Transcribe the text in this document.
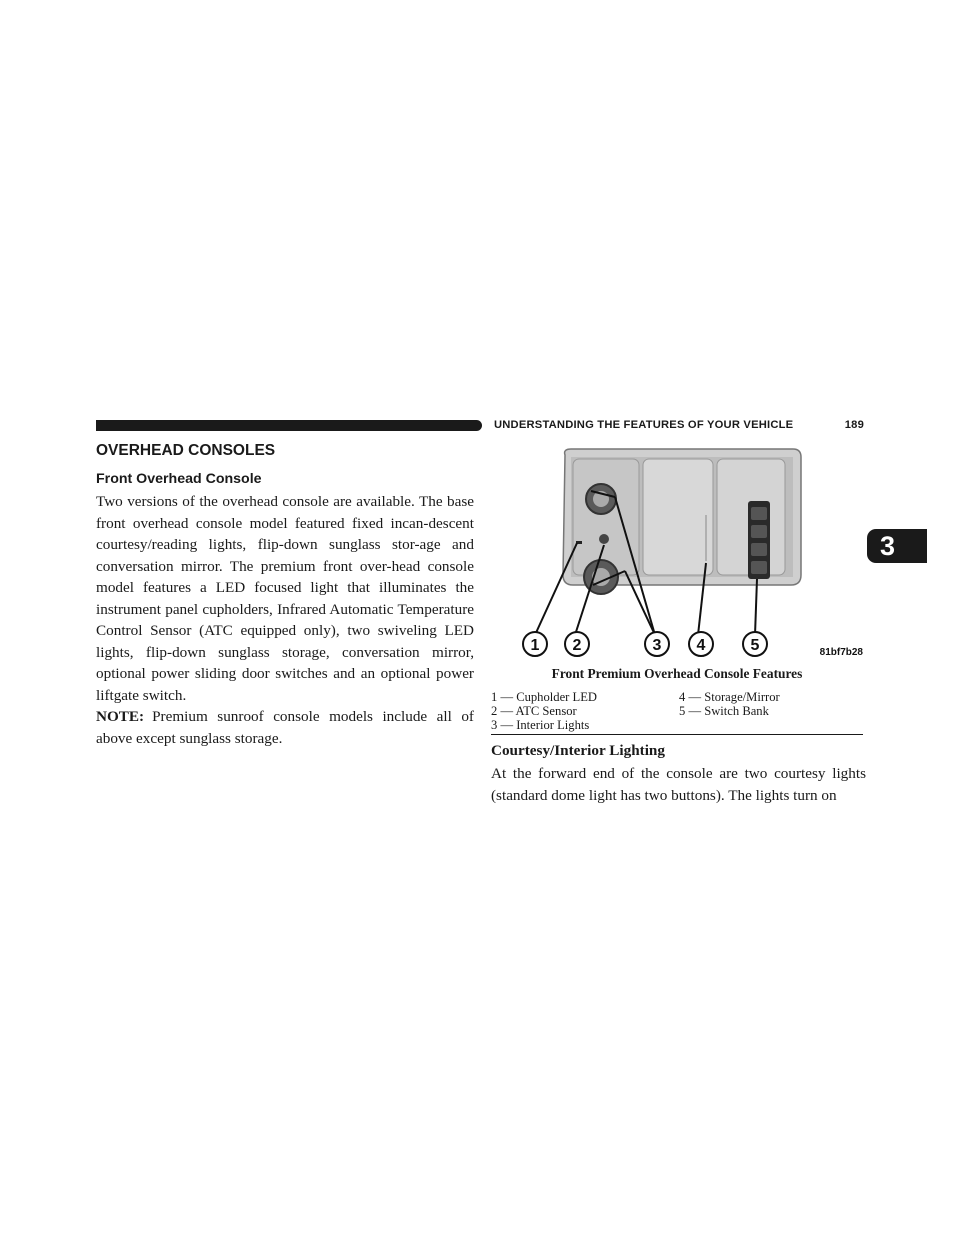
UNDERSTANDING THE FEATURES OF YOUR VEHICLE	189
OVERHEAD CONSOLES
Front Overhead Console

Two versions of the overhead console are available. The base front overhead console model featured fixed incan-descent courtesy/reading lights, flip-down sunglass stor-age and conversation mirror. The premium front over-head console model features a LED focused light that illuminates the instrument panel cupholders, Infrared Automatic Temperature Control Sensor (ATC equipped only), two swiveling LED lights, flip-down sunglass storage, conversation mirror, optional power sliding door switches and an optional power liftgate switch.

NOTE: Premium sunroof console models include all of above except sunglass storage.

1 2	3 4	5	81bf7b28
Front Premium Overhead Console Features
1 — Cupholder LED	4 — Storage/Mirror
2 — ATC Sensor	5 — Switch Bank
3 — Interior Lights
Courtesy/Interior Lighting

At the forward end of the console are two courtesy lights (standard dome light has two buttons). The lights turn on

3
